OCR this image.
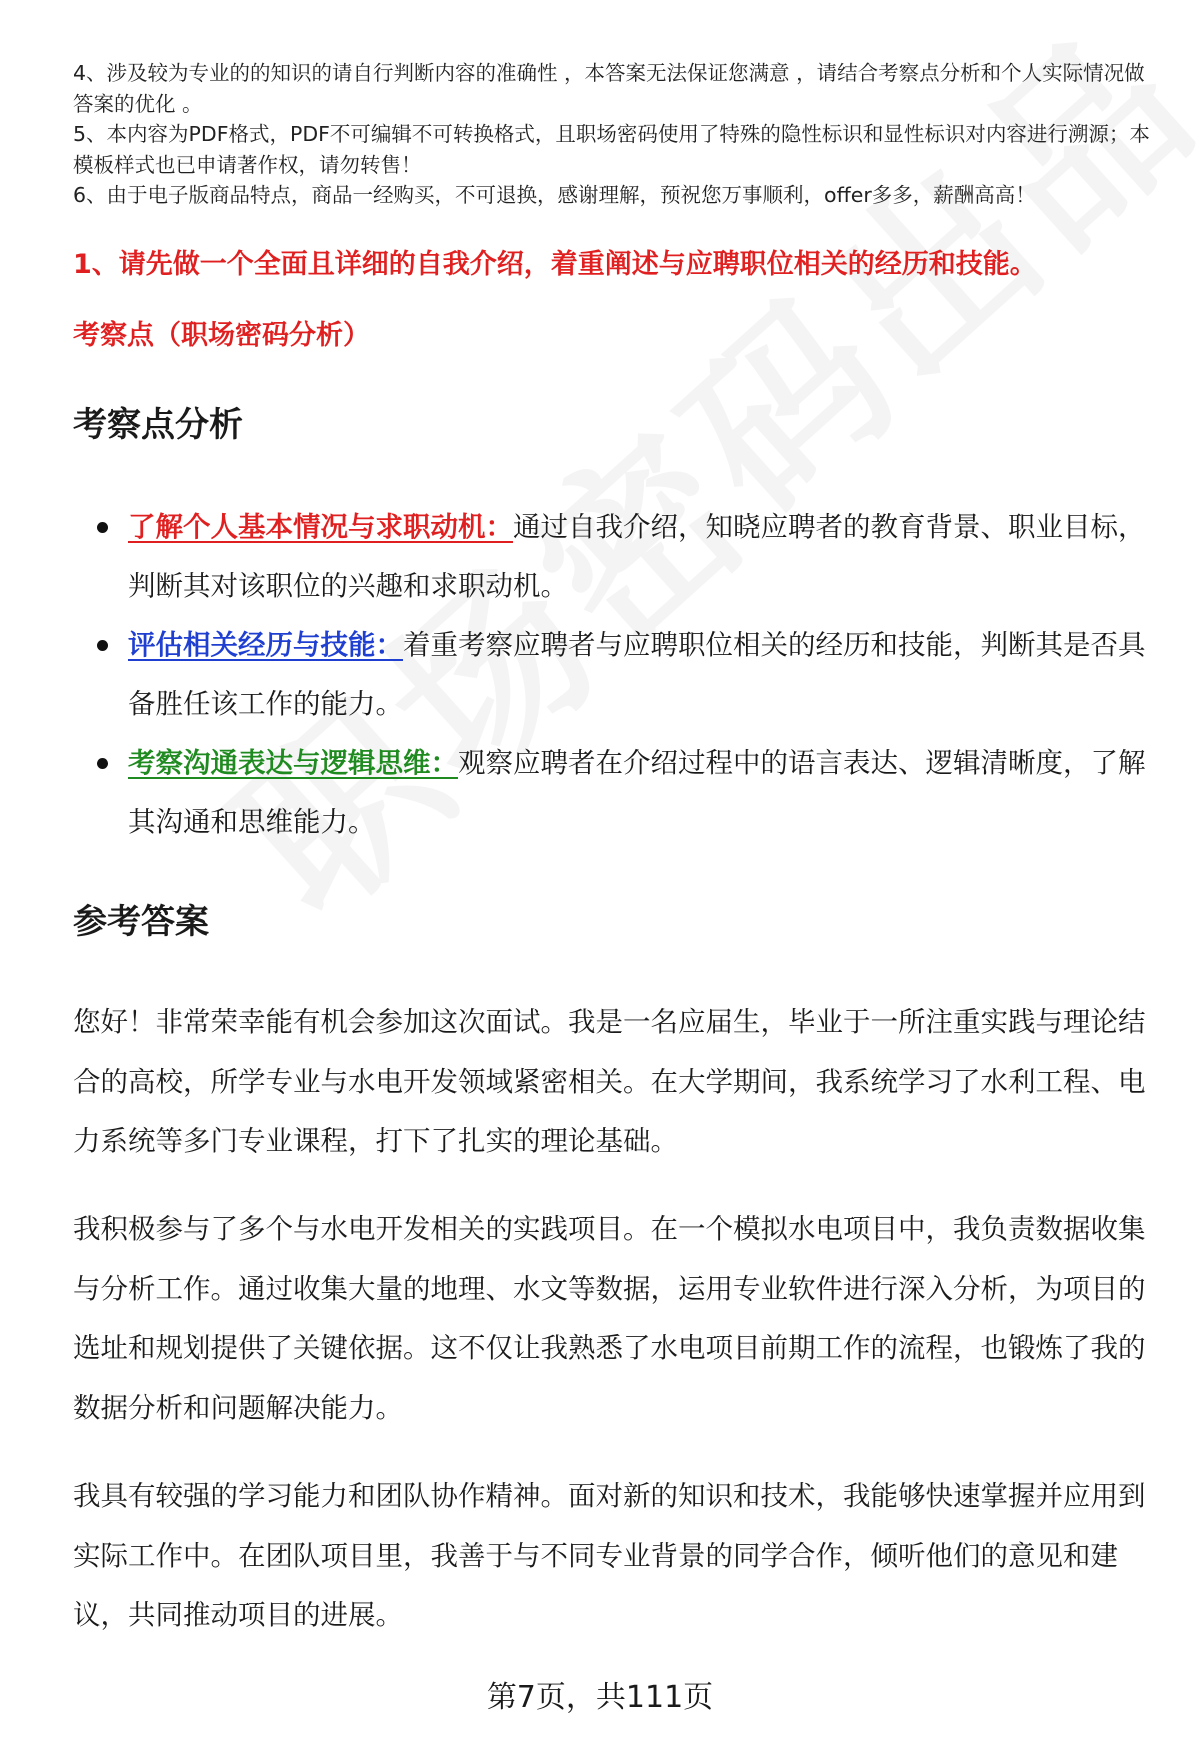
4、涉及较为专业的的知识的请自行判断内容的准确性 ，本答案无法保证您满意 ，请结合考察点分析和个人实际情况做答案的优化 。

5、本内容为PDF格式，PDF不可编辑不可转换格式，且职场密码使用了特殊的隐性标识和显性标识对内容进行溯源；本模板样式也已申请著作权，请勿转售！

6、由于电子版商品特点，商品一经购买，不可退换，感谢理解，预祝您万事顺利，offer多多，薪酬高高！

1、请先做一个全面且详细的自我介绍，着重阐述与应聘职位相关的经历和技能。

考察点（职场密码分析）

考察点分析
了解个人基本情况与求职动机：通过自我介绍，知晓应聘者的教育背景、职业目标，判断其对该职位的兴趣和求职动机。
评估相关经历与技能：着重考察应聘者与应聘职位相关的经历和技能，判断其是否具备胜任该工作的能力。
考察沟通表达与逻辑思维：观察应聘者在介绍过程中的语言表达、逻辑清晰度，了解其沟通和思维能力。
参考答案

您好！非常荣幸能有机会参加这次面试。我是一名应届生，毕业于一所注重实践与理论结合的高校，所学专业与水电开发领域紧密相关。在大学期间，我系统学习了水利工程、电力系统等多门专业课程，打下了扎实的理论基础。

我积极参与了多个与水电开发相关的实践项目。在一个模拟水电项目中，我负责数据收集与分析工作。通过收集大量的地理、水文等数据，运用专业软件进行深入分析，为项目的选址和规划提供了关键依据。这不仅让我熟悉了水电项目前期工作的流程，也锻炼了我的数据分析和问题解决能力。

我具有较强的学习能力和团队协作精神。面对新的知识和技术，我能够快速掌握并应用到实际工作中。在团队项目里，我善于与不同专业背景的同学合作，倾听他们的意见和建议，共同推动项目的进展。

第7页，共111页
